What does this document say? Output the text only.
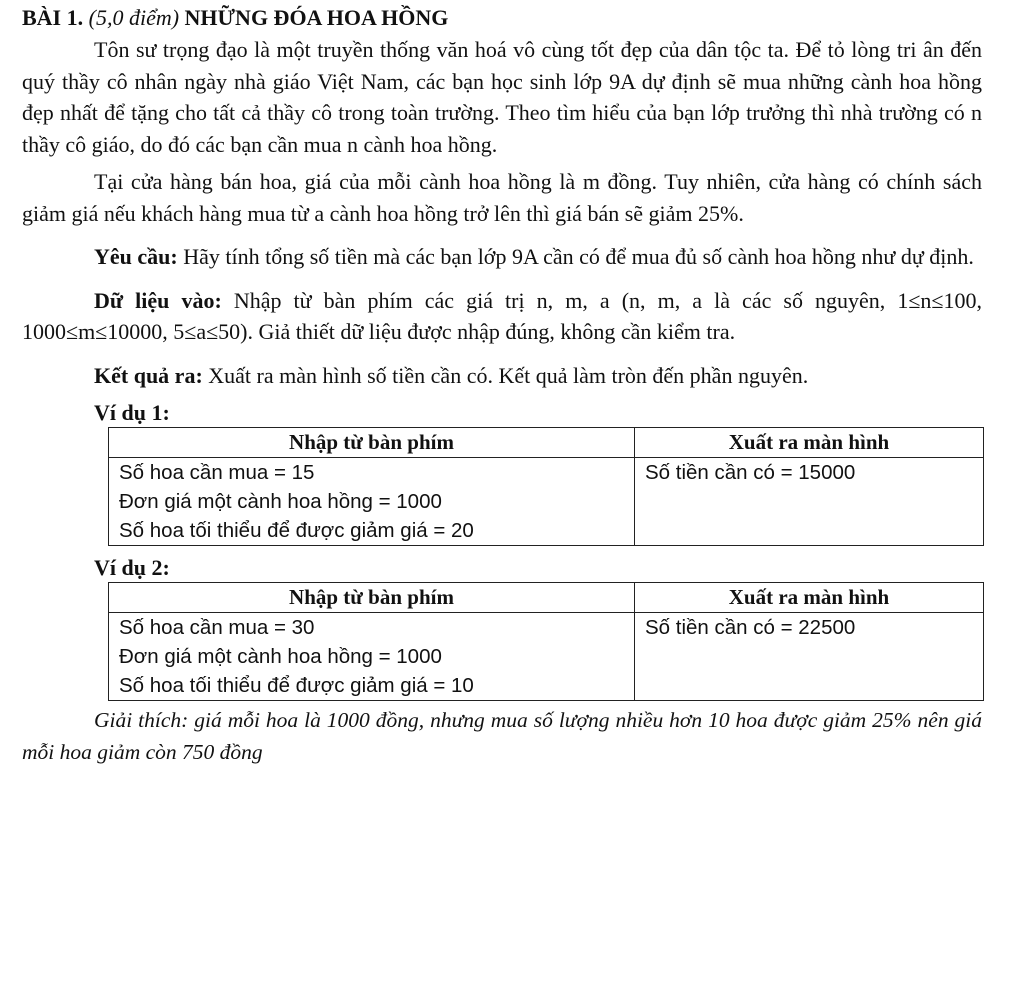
BÀI 1. (5,0 điểm) NHỮNG ĐÓA HOA HỒNG

Tôn sư trọng đạo là một truyền thống văn hoá vô cùng tốt đẹp của dân tộc ta. Để tỏ lòng tri ân đến quý thầy cô nhân ngày nhà giáo Việt Nam, các bạn học sinh lớp 9A dự định sẽ mua những cành hoa hồng đẹp nhất để tặng cho tất cả thầy cô trong toàn trường. Theo tìm hiểu của bạn lớp trưởng thì nhà trường có n thầy cô giáo, do đó các bạn cần mua n cành hoa hồng.

Tại cửa hàng bán hoa, giá của mỗi cành hoa hồng là m đồng. Tuy nhiên, cửa hàng có chính sách giảm giá nếu khách hàng mua từ a cành hoa hồng trở lên thì giá bán sẽ giảm 25%.

Yêu cầu: Hãy tính tổng số tiền mà các bạn lớp 9A cần có để mua đủ số cành hoa hồng như dự định.

Dữ liệu vào: Nhập từ bàn phím các giá trị n, m, a (n, m, a là các số nguyên, 1≤n≤100, 1000≤m≤10000, 5≤a≤50). Giả thiết dữ liệu được nhập đúng, không cần kiểm tra.

Kết quả ra: Xuất ra màn hình số tiền cần có. Kết quả làm tròn đến phần nguyên.

Ví dụ 1:
Nhập từ bàn phím	Xuất ra màn hình

Số hoa cần mua = 15
Đơn giá một cành hoa hồng = 1000
Số hoa tối thiểu để được giảm giá = 20	Số tiền cần có = 15000
Ví dụ 2:
Nhập từ bàn phím	Xuất ra màn hình

Số hoa cần mua = 30
Đơn giá một cành hoa hồng = 1000
Số hoa tối thiểu để được giảm giá = 10	Số tiền cần có = 22500

Giải thích: giá mỗi hoa là 1000 đồng, nhưng mua số lượng nhiều hơn 10 hoa được giảm 25% nên giá mỗi hoa giảm còn 750 đồng
